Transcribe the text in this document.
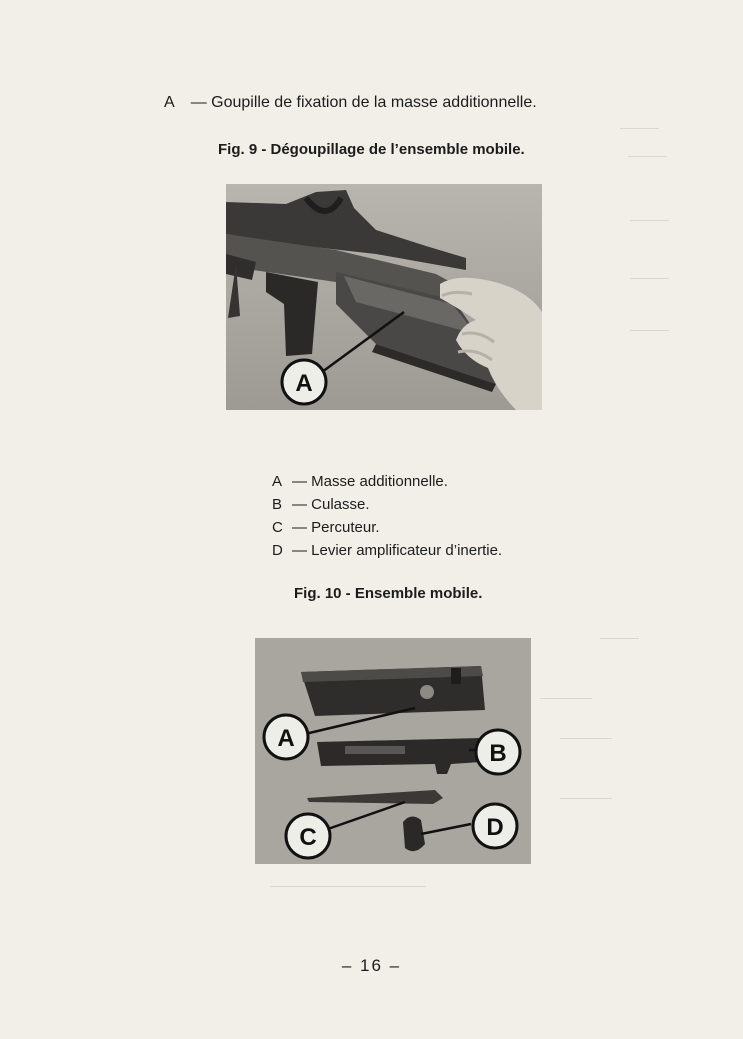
———
———
———
———
———
———
————
————
————
————————————
A — Goupille de fixation de la masse additionnelle.
Fig. 9 - Dégoupillage de l’ensemble mobile.
A
A — Masse additionnelle.
B — Culasse.
C — Percuteur.
D — Levier amplificateur d’inertie.
Fig. 10 - Ensemble mobile.
A
B
C	D
– 16 –
